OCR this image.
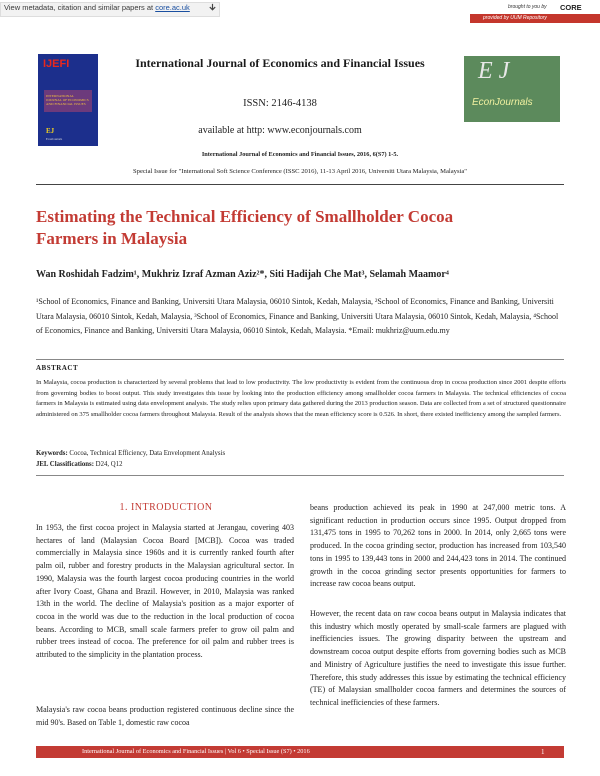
View metadata, citation and similar papers at core.ac.uk	brought to you by CORE
provided by UUM Repository
IJEFI
INTERNATIONAL JOURNAL OF ECONOMICS AND FINANCIAL ISSUES
EJ
EconJournals
International Journal of Economics and Financial Issues
ISSN: 2146-4138
available at http: www.econjournals.com
EJ
EconJournals
International Journal of Economics and Financial Issues, 2016, 6(S7) 1-5.
Special Issue for "International Soft Science Conference (ISSC 2016), 11-13 April 2016, Universiti Utara Malaysia, Malaysia"
Estimating the Technical Efficiency of Smallholder Cocoa Farmers in Malaysia
Wan Roshidah Fadzim¹, Mukhriz Izraf Azman Aziz²*, Siti Hadijah Che Mat³, Selamah Maamor⁴
¹School of Economics, Finance and Banking, Universiti Utara Malaysia, 06010 Sintok, Kedah, Malaysia, ²School of Economics, Finance and Banking, Universiti Utara Malaysia, 06010 Sintok, Kedah, Malaysia, ³School of Economics, Finance and Banking, Universiti Utara Malaysia, 06010 Sintok, Kedah, Malaysia, ⁴School of Economics, Finance and Banking, Universiti Utara Malaysia, 06010 Sintok, Kedah, Malaysia. *Email: mukhriz@uum.edu.my
ABSTRACT
In Malaysia, cocoa production is characterized by several problems that lead to low productivity. The low productivity is evident from the continuous drop in cocoa production since 2001 despite efforts from governing bodies to boost output. This study investigates this issue by looking into the production efficiency among smallholder cocoa farmers in Malaysia. The technical efficiencies of cocoa farmers in Malaysia is estimated using data envelopment analysis. The study relies upon primary data gathered during the 2013 production season. Data are collected from a set of structured questionnaire administered on 375 smallholder cocoa farmers throughout Malaysia. Result of the analysis shows that the mean efficiency score is 0.526. In short, there existed inefficiency among the sampled farmers.
Keywords: Cocoa, Technical Efficiency, Data Envelopment Analysis
JEL Classifications: D24, Q12
1. INTRODUCTION
In 1953, the first cocoa project in Malaysia started at Jerangau, covering 403 hectares of land (Malaysian Cocoa Board [MCB]). Cocoa was traded commercially in Malaysia since 1960s and it is currently ranked fourth after palm oil, rubber and forestry products in the Malaysian agricultural sector. In 1990, Malaysia was the fourth largest cocoa producing countries in the world after Ivory Coast, Ghana and Brazil. However, in 2010, Malaysia was ranked 13th in the world. The decline of Malaysia's position as a major exporter of cocoa in the world was due to the reduction in the local production of cocoa beans. According to MCB, small scale farmers prefer to grow oil palm and rubber trees instead of cocoa. The preference for oil palm and rubber trees is attributed to the simplicity in the plantation process.
Malaysia's raw cocoa beans production registered continuous decline since the mid 90's. Based on Table 1, domestic raw cocoa
beans production achieved its peak in 1990 at 247,000 metric tons. A significant reduction in production occurs since 1995. Output dropped from 131,475 tons in 1995 to 70,262 tons in 2000. In 2014, only 2,665 tons were produced. In the cocoa grinding sector, production has increased from 103,540 tons in 1995 to 139,443 tons in 2000 and 244,423 tons in 2014. The continued growth in the cocoa grinding sector presents opportunities for farmers to increase raw cocoa beans output.
However, the recent data on raw cocoa beans output in Malaysia indicates that this industry which mostly operated by small-scale farmers are plagued with inefficiencies issues. The growing disparity between the upstream and downstream cocoa output despite efforts from governing bodies such as MCB and Ministry of Agriculture justifies the need to investigate this issue further. Therefore, this study addresses this issue by estimating the technical efficiency (TE) of Malaysian smallholder cocoa farmers and determines the sources of technical inefficiencies of these farmers.
International Journal of Economics and Financial Issues | Vol 6 • Special Issue (S7) • 2016	1
